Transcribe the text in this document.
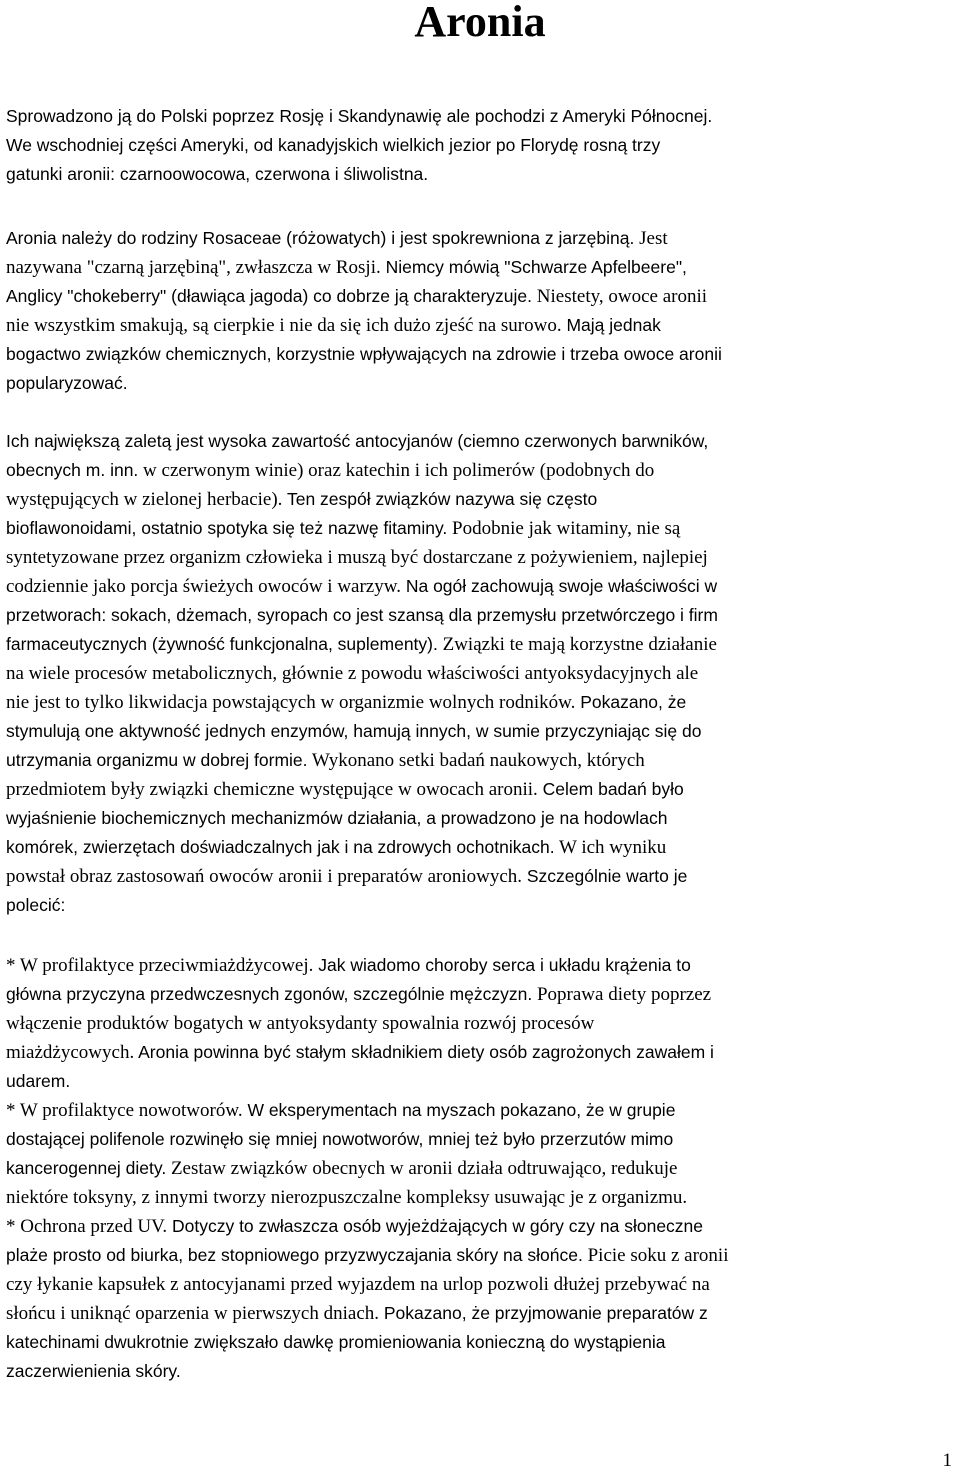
Aronia

Sprowadzono ją do Polski poprzez Rosję i Skandynawię ale pochodzi z Ameryki Północnej.
We wschodniej części Ameryki, od kanadyjskich wielkich jezior po Florydę rosną trzy
gatunki aronii: czarnoowocowa, czerwona i śliwolistna.

Aronia należy do rodziny Rosaceae (różowatych) i jest spokrewniona z jarzębiną. Jest
nazywana "czarną jarzębiną", zwłaszcza w Rosji. Niemcy mówią "Schwarze Apfelbeere",
Anglicy "chokeberry" (dławiąca jagoda) co dobrze ją charakteryzuje. Niestety, owoce aronii
nie wszystkim smakują, są cierpkie i nie da się ich dużo zjeść na surowo. Mają jednak
bogactwo związków chemicznych, korzystnie wpływających na zdrowie i trzeba owoce aronii
popularyzować.

Ich największą zaletą jest wysoka zawartość antocyjanów (ciemno czerwonych barwników,
obecnych m. inn. w czerwonym winie) oraz katechin i ich polimerów (podobnych do
występujących w zielonej herbacie). Ten zespół związków nazywa się często
bioflawonoidami, ostatnio spotyka się też nazwę fitaminy. Podobnie jak witaminy, nie są
syntetyzowane przez organizm człowieka i muszą być dostarczane z pożywieniem, najlepiej
codziennie jako porcja świeżych owoców i warzyw. Na ogół zachowują swoje właściwości w
przetworach: sokach, dżemach, syropach co jest szansą dla przemysłu przetwórczego i firm
farmaceutycznych (żywność funkcjonalna, suplementy). Związki te mają korzystne działanie
na wiele procesów metabolicznych, głównie z powodu właściwości antyoksydacyjnych ale
nie jest to tylko likwidacja powstających w organizmie wolnych rodników. Pokazano, że
stymulują one aktywność jednych enzymów, hamują innych, w sumie przyczyniając się do
utrzymania organizmu w dobrej formie. Wykonano setki badań naukowych, których
przedmiotem były związki chemiczne występujące w owocach aronii. Celem badań było
wyjaśnienie biochemicznych mechanizmów działania, a prowadzono je na hodowlach
komórek, zwierzętach doświadczalnych jak i na zdrowych ochotnikach. W ich wyniku
powstał obraz zastosowań owoców aronii i preparatów aroniowych. Szczególnie warto je
polecić:

* W profilaktyce przeciwmiażdżycowej. Jak wiadomo choroby serca i układu krążenia to
główna przyczyna przedwczesnych zgonów, szczególnie mężczyzn. Poprawa diety poprzez
włączenie produktów bogatych w antyoksydanty spowalnia rozwój procesów
miażdżycowych. Aronia powinna być stałym składnikiem diety osób zagrożonych zawałem i
udarem.
* W profilaktyce nowotworów. W eksperymentach na myszach pokazano, że w grupie
dostającej polifenole rozwinęło się mniej nowotworów, mniej też było przerzutów mimo
kancerogennej diety. Zestaw związków obecnych w aronii działa odtruwająco, redukuje
niektóre toksyny, z innymi tworzy nierozpuszczalne kompleksy usuwając je z organizmu.
* Ochrona przed UV. Dotyczy to zwłaszcza osób wyjeżdżających w góry czy na słoneczne
plaże prosto od biurka, bez stopniowego przyzwyczajania skóry na słońce. Picie soku z aronii
czy łykanie kapsułek z antocyjanami przed wyjazdem na urlop pozwoli dłużej przebywać na
słońcu i uniknąć oparzenia w pierwszych dniach. Pokazano, że przyjmowanie preparatów z
katechinami dwukrotnie zwiększało dawkę promieniowania konieczną do wystąpienia
zaczerwienienia skóry.

1
